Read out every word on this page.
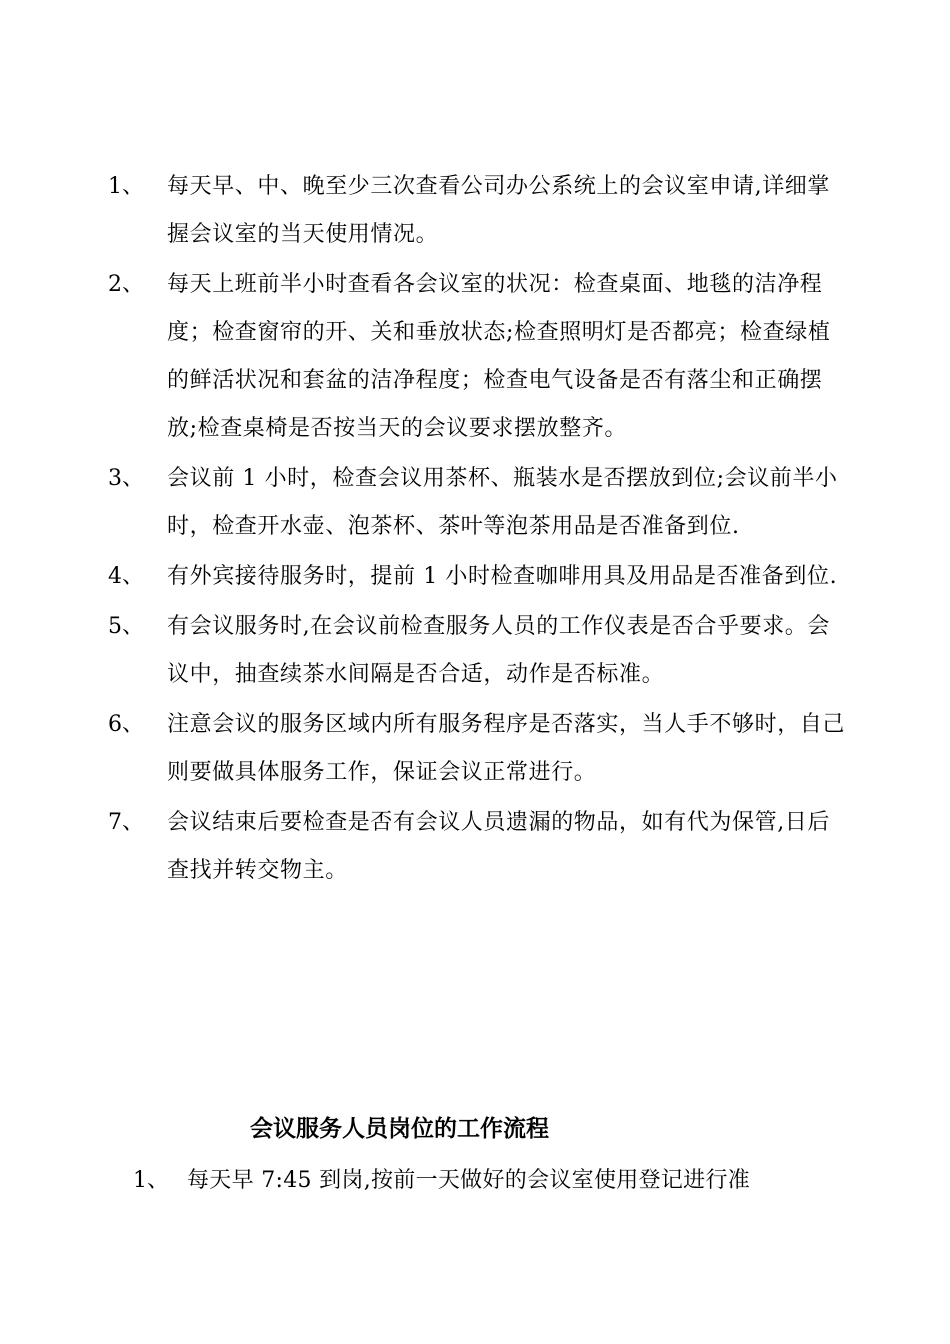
1、	每天早、中、晚至少三次查看公司办公系统上的会议室申请,详细掌握会议室的当天使用情况。
2、	每天上班前半小时查看各会议室的状况：检查桌面、地毯的洁净程度；检查窗帘的开、关和垂放状态;检查照明灯是否都亮；检查绿植的鲜活状况和套盆的洁净程度；检查电气设备是否有落尘和正确摆放;检查桌椅是否按当天的会议要求摆放整齐。
3、	会议前 1 小时，检查会议用茶杯、瓶装水是否摆放到位;会议前半小时，检查开水壶、泡茶杯、茶叶等泡茶用品是否准备到位.
4、	有外宾接待服务时，提前 1 小时检查咖啡用具及用品是否准备到位.
5、	有会议服务时,在会议前检查服务人员的工作仪表是否合乎要求。会议中，抽查续茶水间隔是否合适，动作是否标准。
6、	注意会议的服务区域内所有服务程序是否落实，当人手不够时，自己则要做具体服务工作，保证会议正常进行。
7、	会议结束后要检查是否有会议人员遗漏的物品，如有代为保管,日后查找并转交物主。
会议服务人员岗位的工作流程
1、 每天早 7:45 到岗,按前一天做好的会议室使用登记进行准
